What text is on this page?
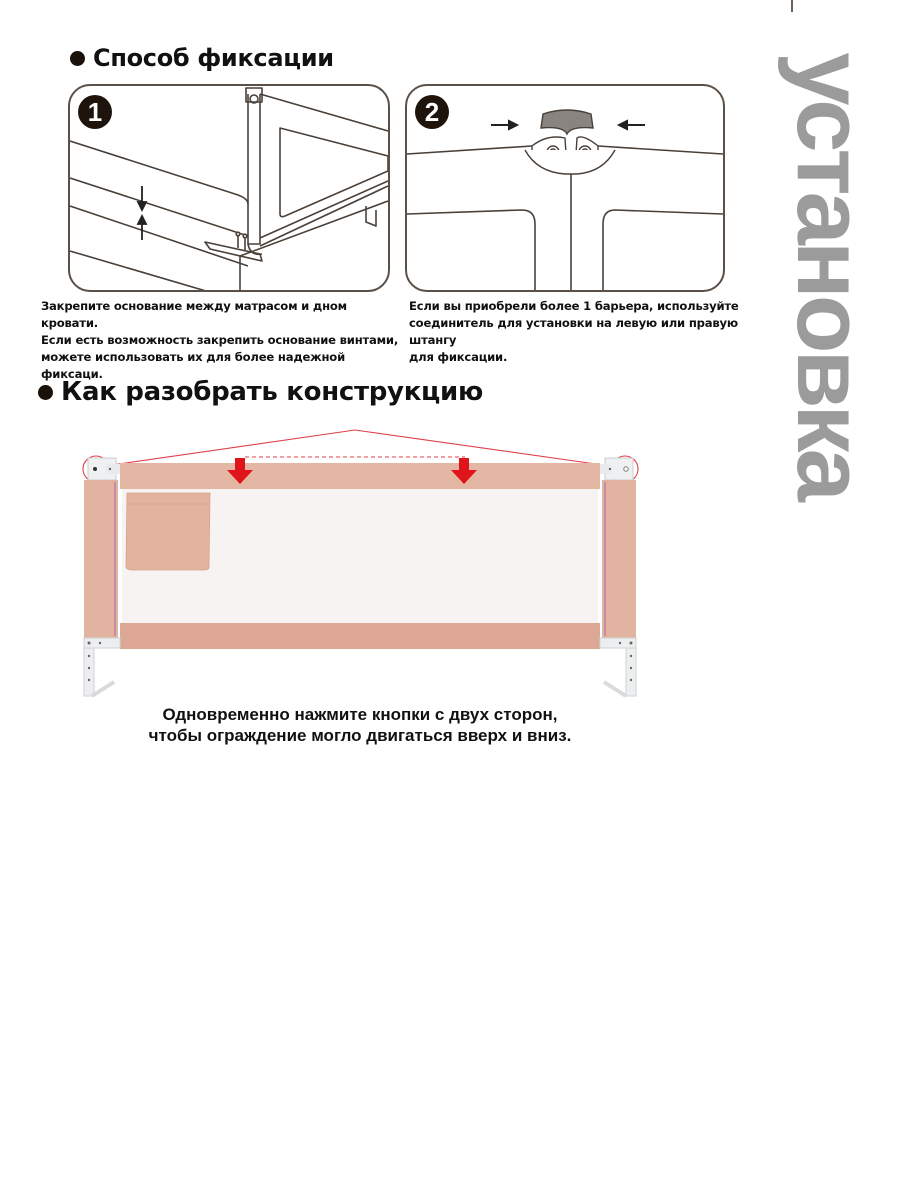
установка
Способ фиксации
1	2
Закрепите основание между матрасом и дном кровати.
Если есть возможность закрепить основание винтами,
можете использовать их для более надежной фиксаци.
Если вы приобрели более 1 барьера, используйте
соединитель для установки на левую или правую штангу
для фиксации.
Как разобрать конструкцию
Одновременно нажмите кнопки с двух сторон,
чтобы ограждение могло двигаться вверх и вниз.
